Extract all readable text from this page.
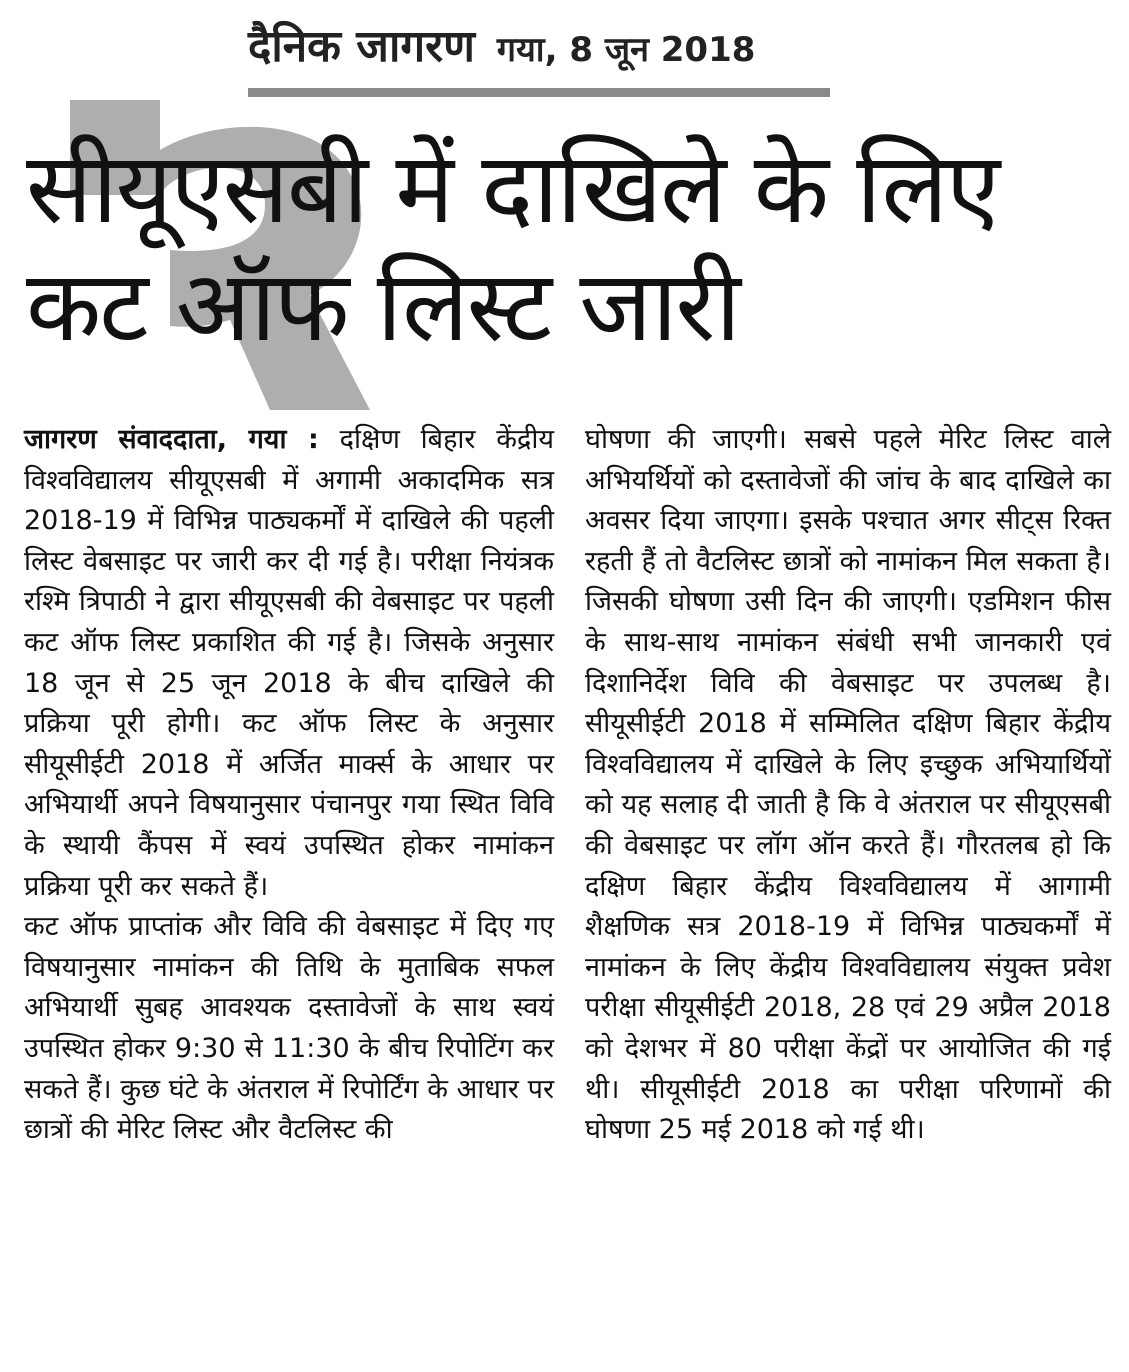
दैनिक जागरण गया, 8 जून 2018
सीयूएसबी में दाखिले के लिए
कट ऑफ लिस्ट जारी

जागरण संवाददाता, गया : दक्षिण बिहार केंद्रीय विश्वविद्यालय सीयूएसबी में अगामी अकादमिक सत्र 2018-19 में विभिन्न पाठ्यकर्मों में दाखिले की पहली लिस्ट वेबसाइट पर जारी कर दी गई है। परीक्षा नियंत्रक रश्मि त्रिपाठी ने द्वारा सीयूएसबी की वेबसाइट पर पहली कट ऑफ लिस्ट प्रकाशित की गई है। जिसके अनुसार 18 जून से 25 जून 2018 के बीच दाखिले की प्रक्रिया पूरी होगी। कट ऑफ लिस्ट के अनुसार सीयूसीईटी 2018 में अर्जित मार्क्स के आधार पर अभियार्थी अपने विषयानुसार पंचानपुर गया स्थित विवि के स्थायी कैंपस में स्वयं उपस्थित होकर नामांकन प्रक्रिया पूरी कर सकते हैं।

कट ऑफ प्राप्तांक और विवि की वेबसाइट में दिए गए विषयानुसार नामांकन की तिथि के मुताबिक सफल अभियार्थी सुबह आवश्यक दस्तावेजों के साथ स्वयं उपस्थित होकर 9:30 से 11:30 के बीच रिपोटिंग कर सकते हैं। कुछ घंटे के अंतराल में रिपोर्टिंग के आधार पर छात्रों की मेरिट लिस्ट और वैटलिस्ट की

घोषणा की जाएगी। सबसे पहले मेरिट लिस्ट वाले अभियर्थियों को दस्तावेजों की जांच के बाद दाखिले का अवसर दिया जाएगा। इसके पश्चात अगर सीट्स रिक्त रहती हैं तो वैटलिस्ट छात्रों को नामांकन मिल सकता है। जिसकी घोषणा उसी दिन की जाएगी। एडमिशन फीस के साथ-साथ नामांकन संबंधी सभी जानकारी एवं दिशानिर्देश विवि की वेबसाइट पर उपलब्ध है। सीयूसीईटी 2018 में सम्मिलित दक्षिण बिहार केंद्रीय विश्वविद्यालय में दाखिले के लिए इच्छुक अभियार्थियों को यह सलाह दी जाती है कि वे अंतराल पर सीयूएसबी की वेबसाइट पर लॉग ऑन करते हैं। गौरतलब हो कि दक्षिण बिहार केंद्रीय विश्वविद्यालय में आगामी शैक्षणिक सत्र 2018-19 में विभिन्न पाठ्यकर्मों में नामांकन के लिए केंद्रीय विश्वविद्यालय संयुक्त प्रवेश परीक्षा सीयूसीईटी 2018, 28 एवं 29 अप्रैल 2018 को देशभर में 80 परीक्षा केंद्रों पर आयोजित की गई थी। सीयूसीईटी 2018 का परीक्षा परिणामों की घोषणा 25 मई 2018 को गई थी।
